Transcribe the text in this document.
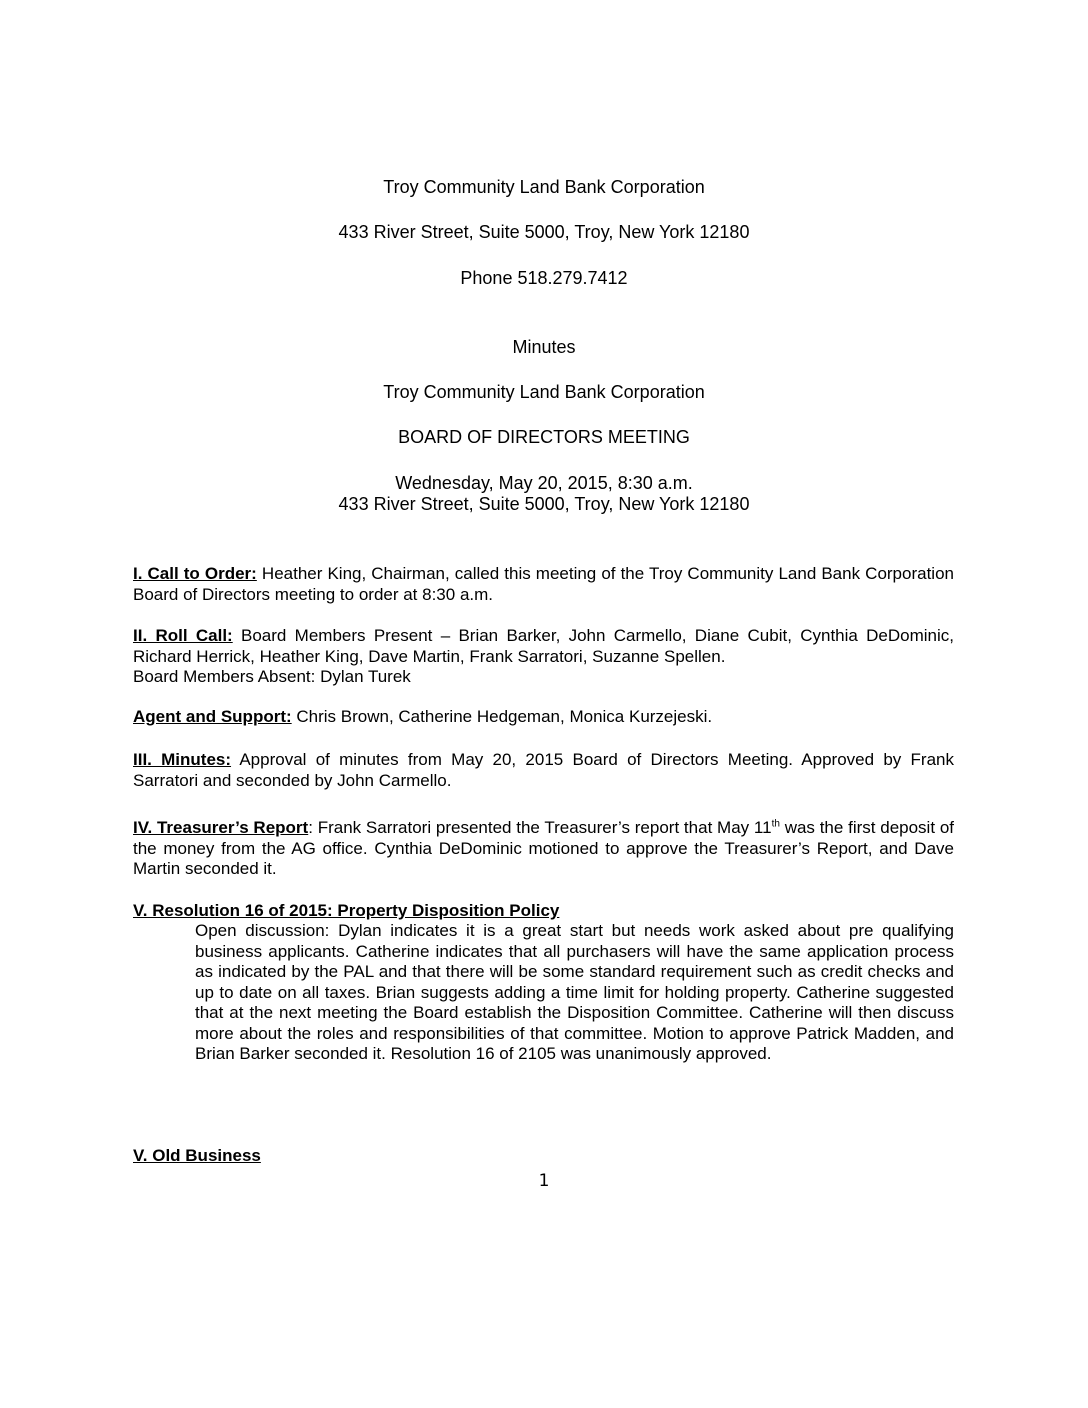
Troy Community Land Bank Corporation

433 River Street, Suite 5000, Troy, New York 12180

Phone 518.279.7412

Minutes

Troy Community Land Bank Corporation

BOARD OF DIRECTORS MEETING

Wednesday, May 20, 2015, 8:30 a.m.

433 River Street, Suite 5000, Troy, New York 12180

I. Call to Order: Heather King, Chairman, called this meeting of the Troy Community Land Bank Corporation Board of Directors meeting to order at 8:30 a.m.

II. Roll Call: Board Members Present – Brian Barker, John Carmello, Diane Cubit, Cynthia DeDominic, Richard Herrick, Heather King, Dave Martin, Frank Sarratori, Suzanne Spellen.
Board Members Absent: Dylan Turek

Agent and Support: Chris Brown, Catherine Hedgeman, Monica Kurzejeski.

III. Minutes: Approval of minutes from May 20, 2015 Board of Directors Meeting. Approved by Frank Sarratori and seconded by John Carmello.

IV. Treasurer’s Report: Frank Sarratori presented the Treasurer’s report that May 11th was the first deposit of the money from the AG office. Cynthia DeDominic motioned to approve the Treasurer’s Report, and Dave Martin seconded it.

V. Resolution 16 of 2015: Property Disposition Policy

Open discussion: Dylan indicates it is a great start but needs work asked about pre qualifying business applicants. Catherine indicates that all purchasers will have the same application process as indicated by the PAL and that there will be some standard requirement such as credit checks and up to date on all taxes. Brian suggests adding a time limit for holding property. Catherine suggested that at the next meeting the Board establish the Disposition Committee. Catherine will then discuss more about the roles and responsibilities of that committee. Motion to approve Patrick Madden, and Brian Barker seconded it. Resolution 16 of 2105 was unanimously approved.

V. Old Business

1
